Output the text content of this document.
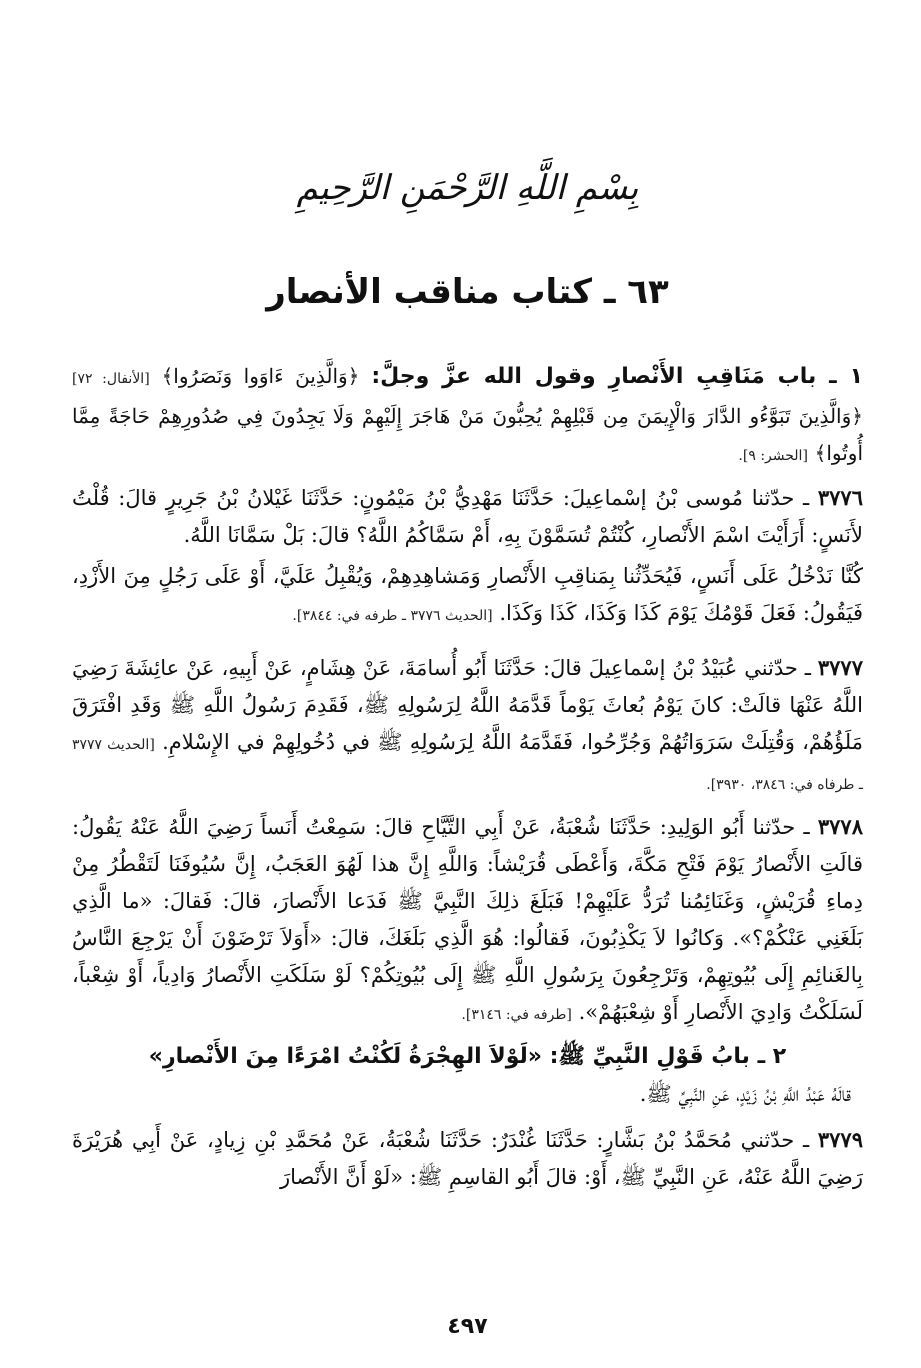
بِسْمِ اللَّهِ الرَّحْمَنِ الرَّحِيمِ
٦٣ ـ كتاب مناقب الأنصار

١ ـ باب مَنَاقِبِ الأَنْصارِ وقول الله عزَّ وجلَّ: ﴿وَالَّذِينَ ءَاوَوا وَنَصَرُوا﴾ [الأنفال: ٧٢] ﴿وَالَّذِينَ تَبَوَّءُو الدَّارَ وَالْإِيمَنَ مِن قَبْلِهِمْ يُحِبُّونَ مَنْ هَاجَرَ إِلَيْهِمْ وَلَا يَجِدُونَ فِي صُدُورِهِمْ حَاجَةً مِمَّا أُوتُوا﴾ [الحشر: ٩].

٣٧٧٦ ـ حدّثنا مُوسى بْنُ إسْماعِيلَ: حَدَّثَنَا مَهْدِيُّ بْنُ مَيْمُونٍ: حَدَّثَنَا غَيْلانُ بْنُ جَرِيرٍ قالَ: قُلْتُ لأَنَسٍ: أَرَأَيْتَ اسْمَ الأَنْصارِ، كُنْتُمْ تُسَمَّوْنَ بِهِ، أَمْ سَمَّاكُمُ اللَّهُ؟ قالَ: بَلْ سَمَّانَا اللَّهُ.

كُنَّا نَدْخُلُ عَلَى أَنَسٍ، فَيُحَدِّثُنا بِمَناقِبِ الأَنْصارِ وَمَشاهِدِهِمْ، وَيُقْبِلُ عَلَيَّ، أَوْ عَلَى رَجُلٍ مِنَ الأَزْدِ، فَيَقُولُ: فَعَلَ قَوْمُكَ يَوْمَ كَذَا وَكَذَا، كَذَا وَكَذَا. [الحديث ٣٧٧٦ ـ طرفه في: ٣٨٤٤].

٣٧٧٧ ـ حدّثني عُبَيْدُ بْنُ إسْماعِيلَ قالَ: حَدَّثَنَا أَبُو أُسامَةَ، عَنْ هِشَامٍ، عَنْ أَبِيهِ، عَنْ عائِشَةَ رَضِيَ اللَّهُ عَنْهَا قالَتْ: كانَ يَوْمُ بُعاثَ يَوْماً قَدَّمَهُ اللَّهُ لِرَسُولِهِ ﷺ، فَقَدِمَ رَسُولُ اللَّهِ ﷺ وَقَدِ افْتَرَقَ مَلَؤُهُمْ، وَقُتِلَتْ سَرَوَاتُهُمْ وَجُرِّحُوا، فَقَدَّمَهُ اللَّهُ لِرَسُولِهِ ﷺ في دُخُولِهِمْ في الإِسْلامِ. [الحديث ٣٧٧٧ ـ طرفاه في: ٣٨٤٦، ٣٩٣٠].

٣٧٧٨ ـ حدّثنا أَبُو الوَلِيدِ: حَدَّثَنَا شُعْبَةُ، عَنْ أَبِي التَّيَّاحِ قالَ: سَمِعْتُ أَنَساً رَضِيَ اللَّهُ عَنْهُ يَقُولُ: قالَتِ الأَنْصارُ يَوْمَ فَتْحِ مَكَّةَ، وَأَعْطَى قُرَيْشاً: وَاللَّهِ إِنَّ هذا لَهُوَ العَجَبُ، إِنَّ سُيُوفَنَا لَتَقْطُرُ مِنْ دِماءِ قُرَيْشٍ، وَغَنَائِمُنا تُرَدُّ عَلَيْهِمْ! فَبَلَغَ ذلِكَ النَّبِيَّ ﷺ فَدَعا الأَنْصارَ، قالَ: فَقالَ: «ما الَّذِي بَلَغَنِي عَنْكُمْ؟». وَكانُوا لاَ يَكْذِبُونَ، فَقالُوا: هُوَ الَّذِي بَلَغَكَ، قالَ: «أَوَلاَ تَرْضَوْنَ أَنْ يَرْجِعَ النَّاسُ بِالغَنائِمِ إِلَى بُيُوتِهِمْ، وَتَرْجِعُونَ بِرَسُولِ اللَّهِ ﷺ إِلَى بُيُوتِكُمْ؟ لَوْ سَلَكَتِ الأَنْصارُ وَادِياً، أَوْ شِعْباً، لَسَلَكْتُ وَادِيَ الأَنْصارِ أَوْ شِعْبَهُمْ». [طرفه في: ٣١٤٦].

٢ ـ بابُ قَوْلِ النَّبِيِّ ﷺ: «لَوْلاَ الهِجْرَةُ لَكُنْتُ امْرَءًا مِنَ الأَنْصارِ»

قالَهُ عَبْدُ اللَّهِ بْنُ زَيْدٍ، عَنِ النَّبِيِّ ﷺ.

٣٧٧٩ ـ حدّثني مُحَمَّدُ بْنُ بَشَّارٍ: حَدَّثَنَا غُنْدَرٌ: حَدَّثَنَا شُعْبَةُ، عَنْ مُحَمَّدِ بْنِ زِيادٍ، عَنْ أَبِي هُرَيْرَةَ رَضِيَ اللَّهُ عَنْهُ، عَنِ النَّبِيِّ ﷺ، أَوْ: قالَ أَبُو القاسِمِ ﷺ: «لَوْ أَنَّ الأَنْصارَ

٤٩٧
